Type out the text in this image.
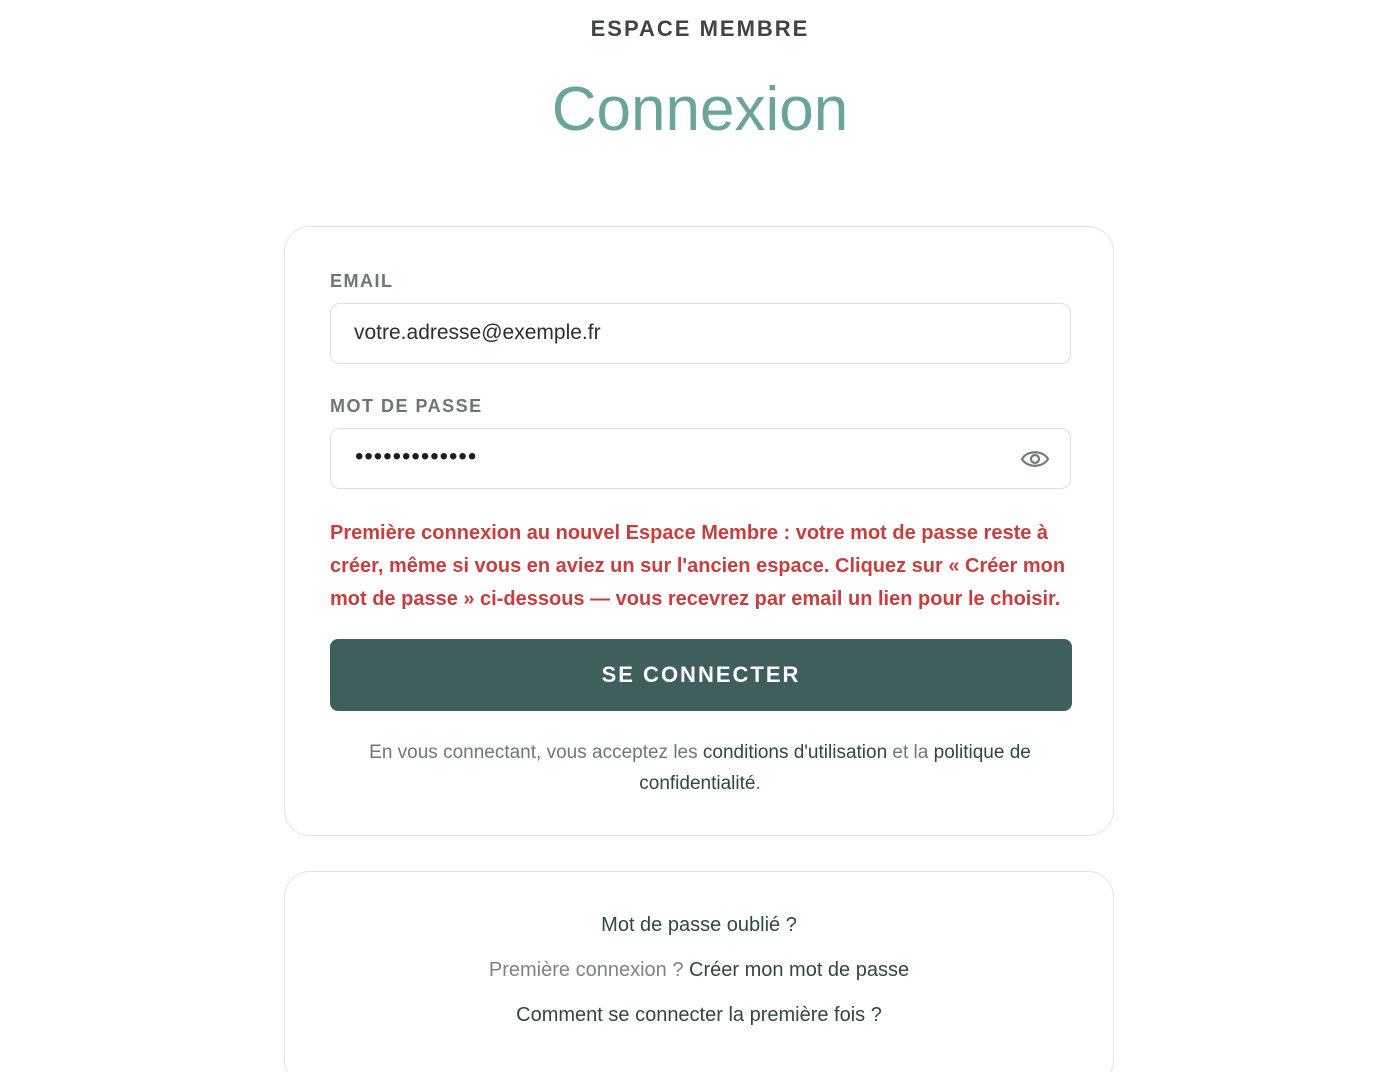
ESPACE MEMBRE
Connexion
EMAIL
votre.adresse@exemple.fr
MOT DE PASSE
•••••••••••••
Première connexion au nouvel Espace Membre : votre mot de passe reste à créer, même si vous en aviez un sur l'ancien espace. Cliquez sur « Créer mon mot de passe » ci-dessous — vous recevrez par email un lien pour le choisir.
SE CONNECTER
En vous connectant, vous acceptez les conditions d'utilisation et la politique de confidentialité.
Mot de passe oublié ?
Première connexion ? Créer mon mot de passe
Comment se connecter la première fois ?
